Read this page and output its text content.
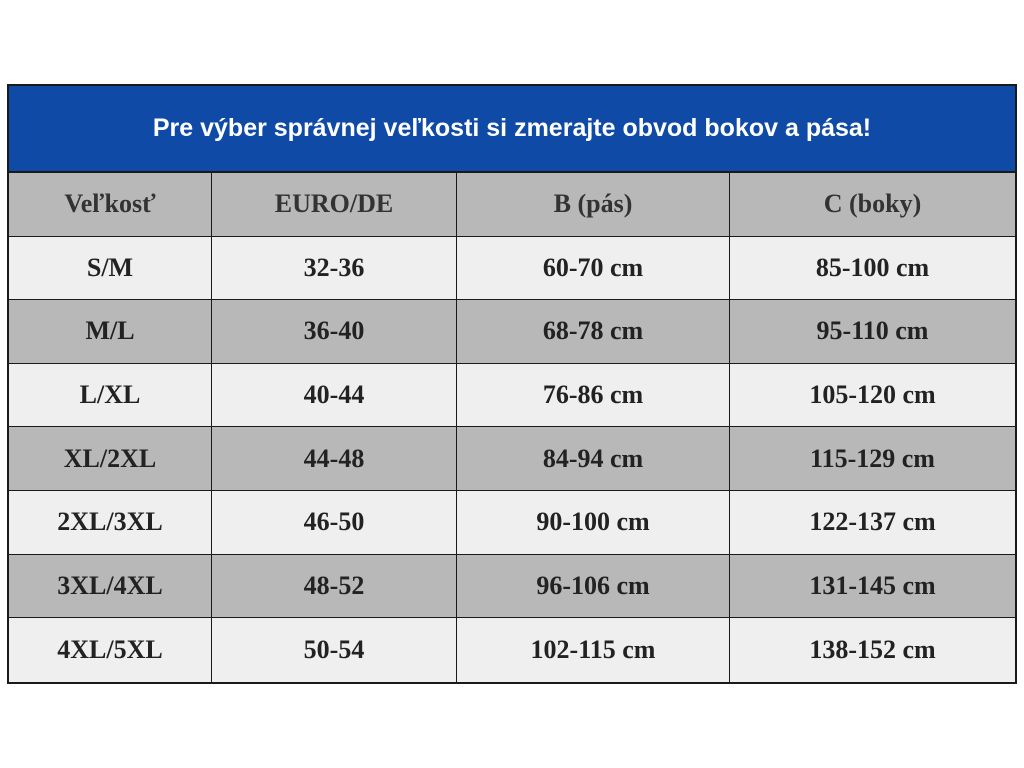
Pre výber správnej veľkosti si zmerajte obvod bokov a pása!
Veľkosť	EURO/DE	B (pás)	C (boky)
S/M	32-36	60-70 cm	85-100 cm
M/L	36-40	68-78 cm	95-110 cm
L/XL	40-44	76-86 cm	105-120 cm
XL/2XL	44-48	84-94 cm	115-129 cm
2XL/3XL	46-50	90-100 cm	122-137 cm
3XL/4XL	48-52	96-106 cm	131-145 cm
4XL/5XL	50-54	102-115 cm	138-152 cm
